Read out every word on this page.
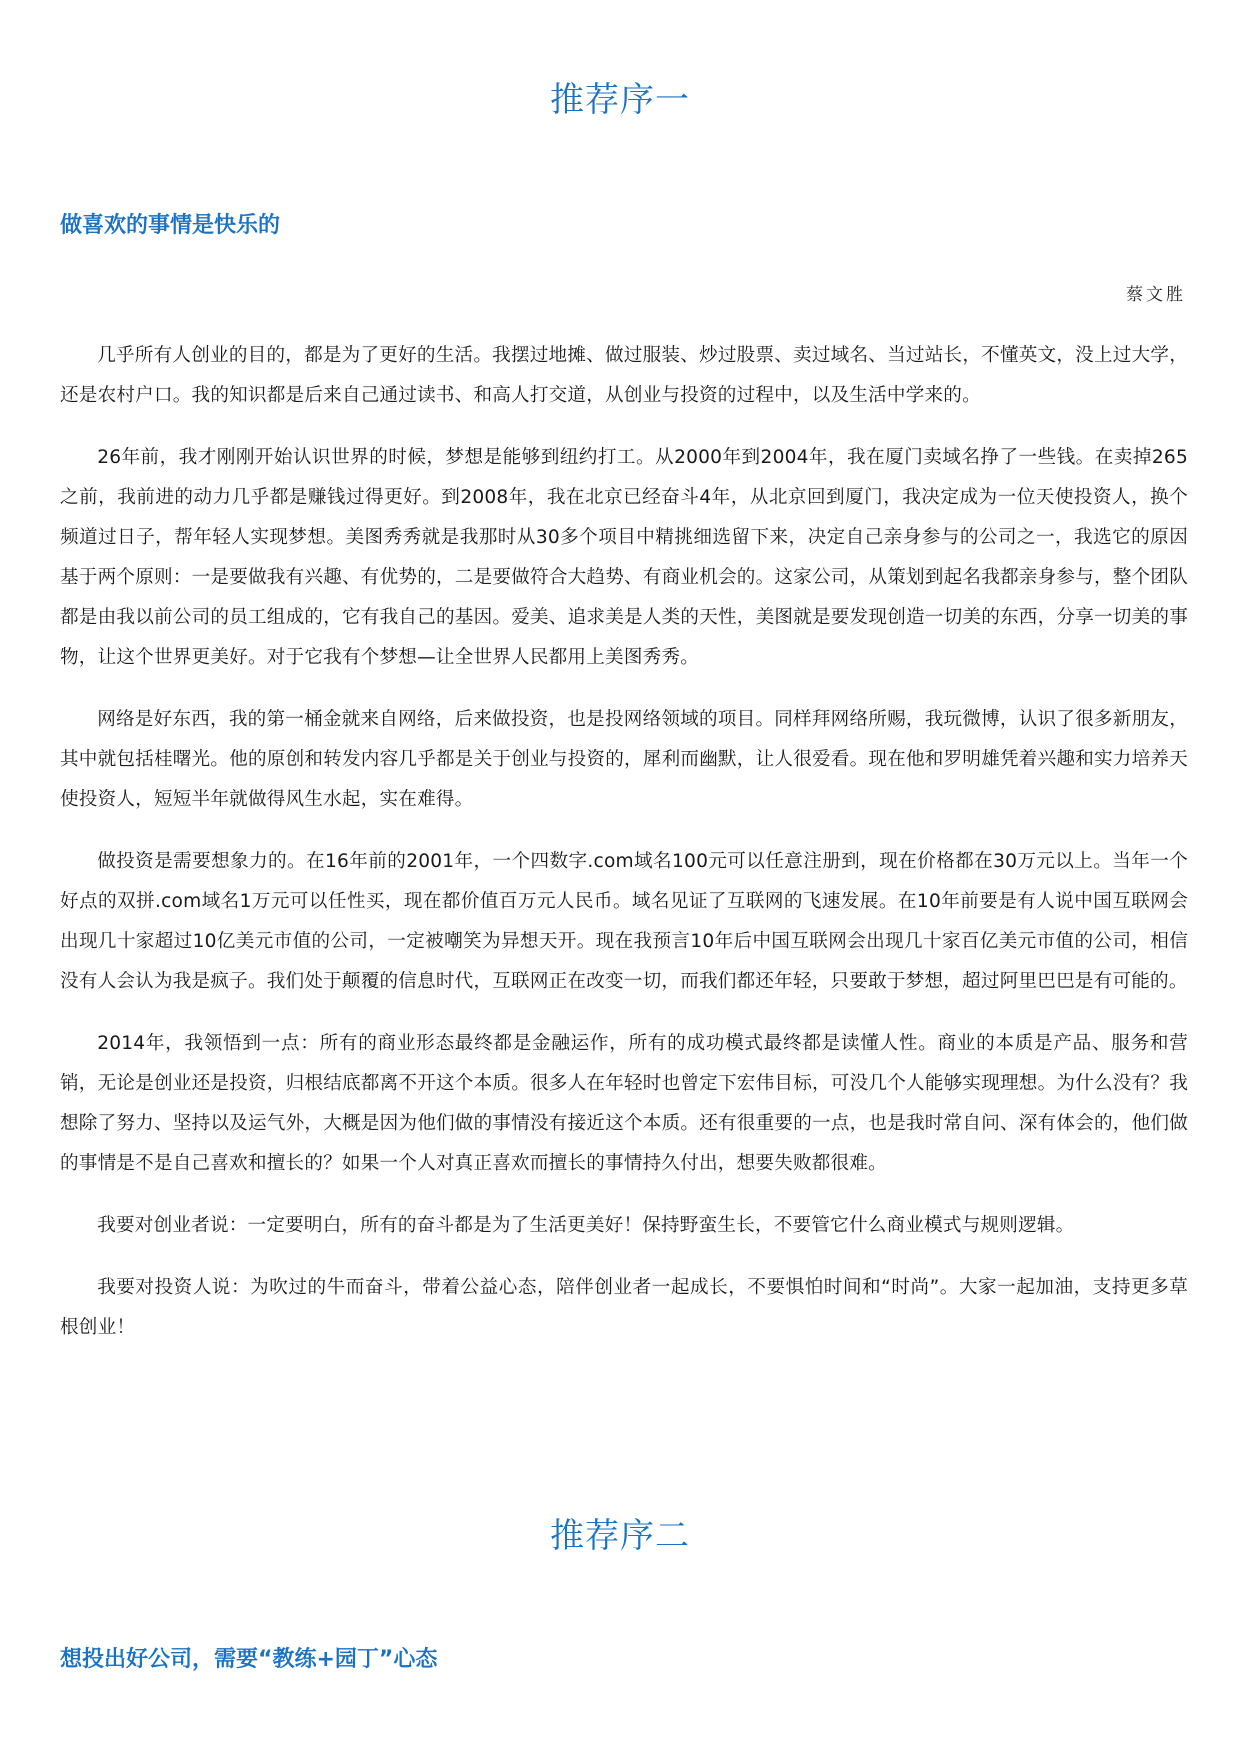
推荐序一
做喜欢的事情是快乐的
蔡文胜

几乎所有人创业的目的，都是为了更好的生活。我摆过地摊、做过服装、炒过股票、卖过域名、当过站长，不懂英文，没上过大学，还是农村户口。我的知识都是后来自己通过读书、和高人打交道，从创业与投资的过程中，以及生活中学来的。

26年前，我才刚刚开始认识世界的时候，梦想是能够到纽约打工。从2000年到2004年，我在厦门卖域名挣了一些钱。在卖掉265之前，我前进的动力几乎都是赚钱过得更好。到2008年，我在北京已经奋斗4年，从北京回到厦门，我决定成为一位天使投资人，换个频道过日子，帮年轻人实现梦想。美图秀秀就是我那时从30多个项目中精挑细选留下来，决定自己亲身参与的公司之一，我选它的原因基于两个原则：一是要做我有兴趣、有优势的，二是要做符合大趋势、有商业机会的。这家公司，从策划到起名我都亲身参与，整个团队都是由我以前公司的员工组成的，它有我自己的基因。爱美、追求美是人类的天性，美图就是要发现创造一切美的东西，分享一切美的事物，让这个世界更美好。对于它我有个梦想—让全世界人民都用上美图秀秀。

网络是好东西，我的第一桶金就来自网络，后来做投资，也是投网络领域的项目。同样拜网络所赐，我玩微博，认识了很多新朋友，其中就包括桂曙光。他的原创和转发内容几乎都是关于创业与投资的，犀利而幽默，让人很爱看。现在他和罗明雄凭着兴趣和实力培养天使投资人，短短半年就做得风生水起，实在难得。

做投资是需要想象力的。在16年前的2001年，一个四数字.com域名100元可以任意注册到，现在价格都在30万元以上。当年一个好点的双拼.com域名1万元可以任性买，现在都价值百万元人民币。域名见证了互联网的飞速发展。在10年前要是有人说中国互联网会出现几十家超过10亿美元市值的公司，一定被嘲笑为异想天开。现在我预言10年后中国互联网会出现几十家百亿美元市值的公司，相信没有人会认为我是疯子。我们处于颠覆的信息时代，互联网正在改变一切，而我们都还年轻，只要敢于梦想，超过阿里巴巴是有可能的。

2014年，我领悟到一点：所有的商业形态最终都是金融运作，所有的成功模式最终都是读懂人性。商业的本质是产品、服务和营销，无论是创业还是投资，归根结底都离不开这个本质。很多人在年轻时也曾定下宏伟目标，可没几个人能够实现理想。为什么没有？我想除了努力、坚持以及运气外，大概是因为他们做的事情没有接近这个本质。还有很重要的一点，也是我时常自问、深有体会的，他们做的事情是不是自己喜欢和擅长的？如果一个人对真正喜欢而擅长的事情持久付出，想要失败都很难。

我要对创业者说：一定要明白，所有的奋斗都是为了生活更美好！保持野蛮生长，不要管它什么商业模式与规则逻辑。

我要对投资人说：为吹过的牛而奋斗，带着公益心态，陪伴创业者一起成长，不要惧怕时间和“时尚”。大家一起加油，支持更多草根创业！

推荐序二
想投出好公司，需要“教练+园丁”心态
